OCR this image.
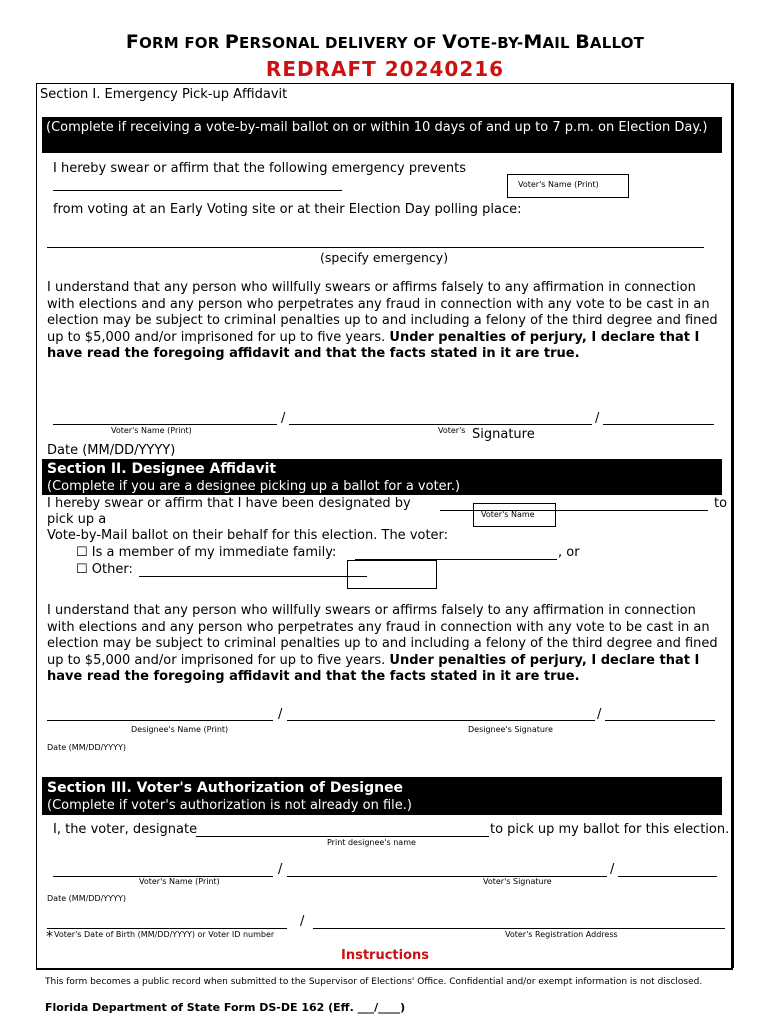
FORM FOR PERSONAL DELIVERY OF VOTE-BY-MAIL BALLOT
REDRAFT 20240216
Section I. Emergency Pick-up Affidavit
(Complete if receiving a vote-by-mail ballot on or within 10 days of and up to 7 p.m. on Election Day.)
I hereby swear or affirm that the following emergency prevents
Voter's Name (Print)
from voting at an Early Voting site or at their Election Day polling place:
(specify emergency)
I understand that any person who willfully swears or affirms falsely to any affirmation in connection with elections and any person who perpetrates any fraud in connection with any vote to be cast in an election may be subject to criminal penalties up to and including a felony of the third degree and fined up to $5,000 and/or imprisoned for up to five years. Under penalties of perjury, I declare that I have read the foregoing affidavit and that the facts stated in it are true.
/	/
Voter's Name (Print)	Voter's Signature
Date (MM/DD/YYYY)
Section II. Designee Affidavit
(Complete if you are a designee picking up a ballot for a voter.)
I hereby swear or affirm that I have been designated by	to
Voter's Name
pick up a
Vote-by-Mail ballot on their behalf for this election. The voter:
☐ Is a member of my immediate family:	, or
☐ Other:
I understand that any person who willfully swears or affirms falsely to any affirmation in connection with elections and any person who perpetrates any fraud in connection with any vote to be cast in an election may be subject to criminal penalties up to and including a felony of the third degree and fined up to $5,000 and/or imprisoned for up to five years. Under penalties of perjury, I declare that I have read the foregoing affidavit and that the facts stated in it are true.
/	/
Designee's Name (Print)	Designee's Signature
Date (MM/DD/YYYY)
Section III. Voter's Authorization of Designee
(Complete if voter's authorization is not already on file.)
I, the voter, designate	to pick up my ballot for this election.
Print designee's name
/	/
Voter's Name (Print)	Voter's Signature
Date (MM/DD/YYYY)
/
* Voter's Date of Birth (MM/DD/YYYY) or Voter ID number	Voter's Registration Address
Instructions
This form becomes a public record when submitted to the Supervisor of Elections' Office. Confidential and/or exempt information is not disclosed.
Florida Department of State Form DS-DE 162 (Eff. ___/____)
